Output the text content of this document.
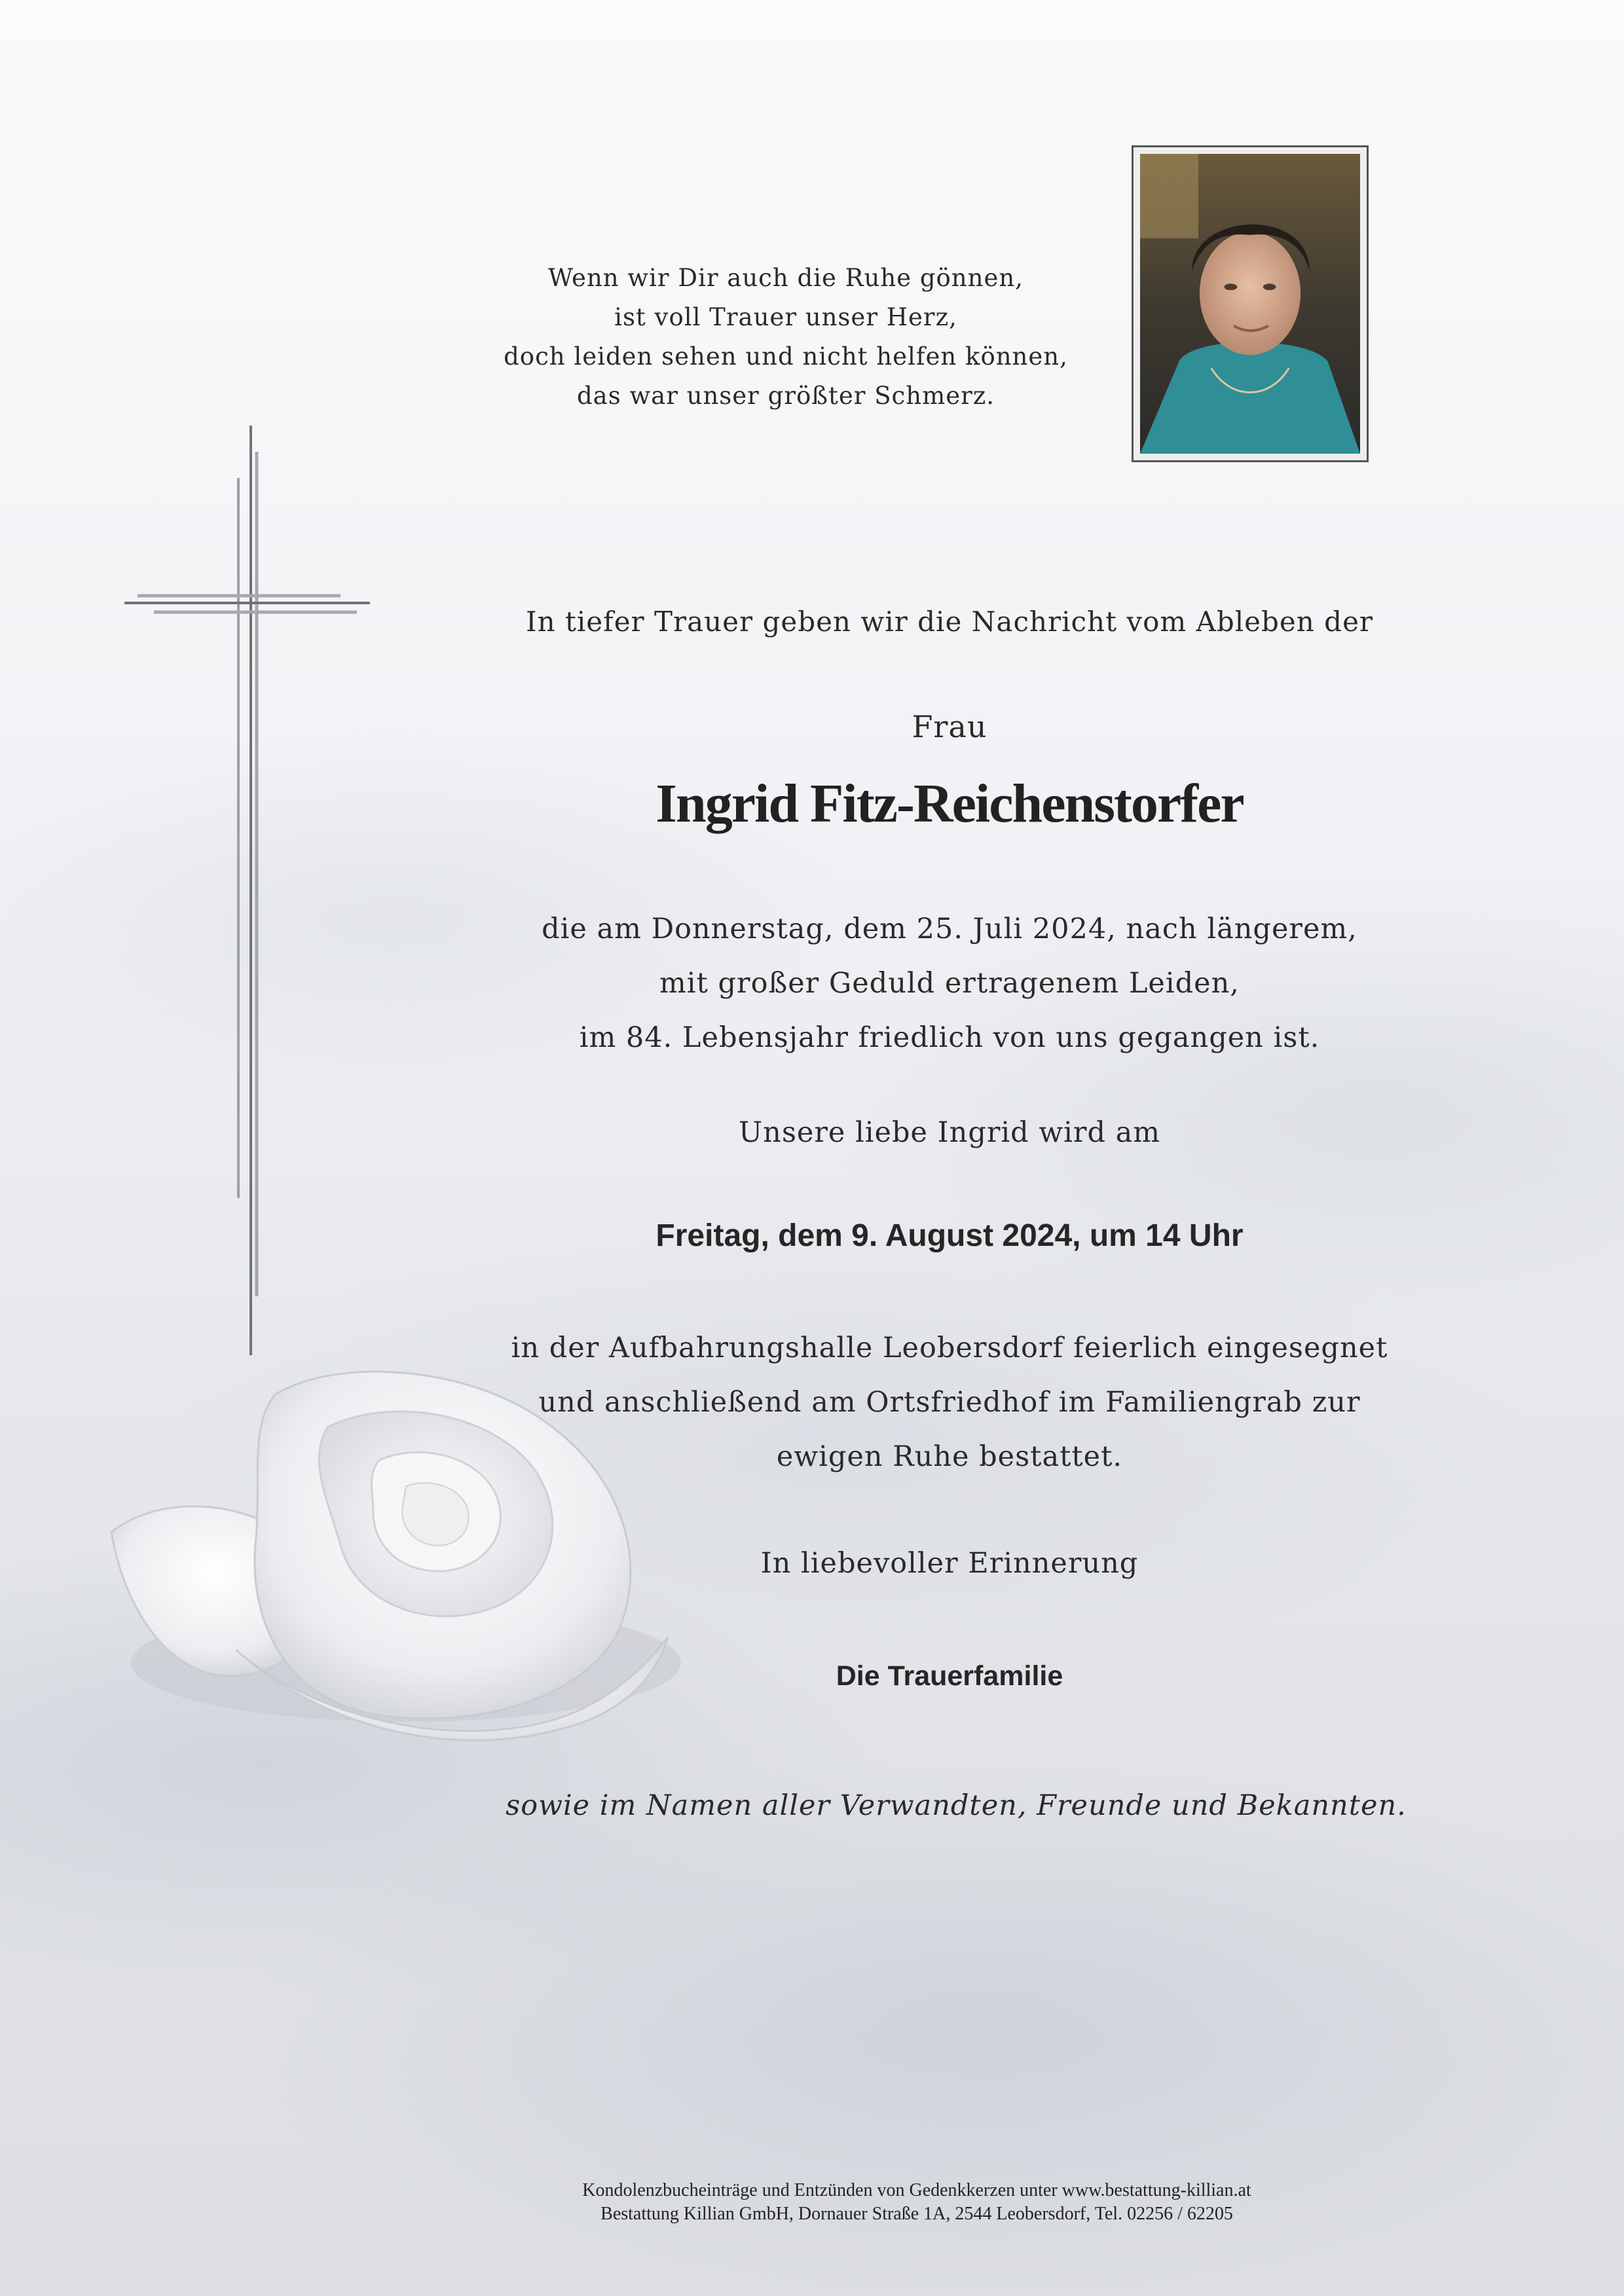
Wenn wir Dir auch die Ruhe gönnen,
ist voll Trauer unser Herz,
doch leiden sehen und nicht helfen können,
das war unser größter Schmerz.
In tiefer Trauer geben wir die Nachricht vom Ableben der
Frau
Ingrid Fitz-Reichenstorfer

die am Donnerstag, dem 25. Juli 2024, nach längerem,

mit großer Geduld ertragenem Leiden,

im 84. Lebensjahr friedlich von uns gegangen ist.

Unsere liebe Ingrid wird am
Freitag, dem 9. August 2024, um 14 Uhr

in der Aufbahrungshalle Leobersdorf feierlich eingesegnet

und anschließend am Ortsfriedhof im Familiengrab zur

ewigen Ruhe bestattet.

In liebevoller Erinnerung
Die Trauerfamilie
sowie im Namen aller Verwandten, Freunde und Bekannten.

Kondolenzbucheinträge und Entzünden von Gedenkkerzen unter www.bestattung-killian.at

Bestattung Killian GmbH, Dornauer Straße 1A, 2544 Leobersdorf, Tel. 02256 / 62205
